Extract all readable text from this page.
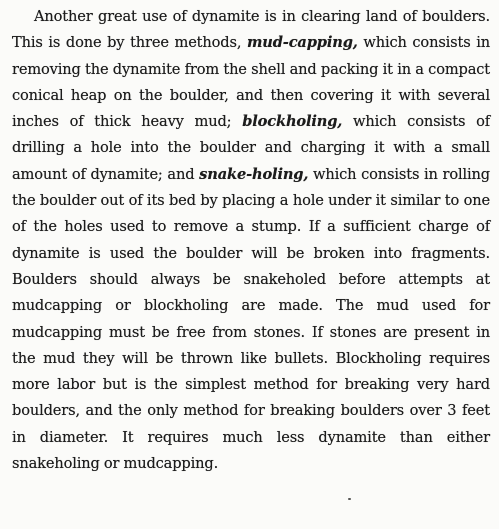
Another great use of dynamite is in clearing land of boulders. This is done by three methods, mud-capping, which consists in removing the dynamite from the shell and packing it in a compact conical heap on the boulder, and then covering it with several inches of thick heavy mud; blockholing, which consists of drilling a hole into the boulder and charging it with a small amount of dynamite; and snake-holing, which consists in rolling the boulder out of its bed by placing a hole under it similar to one of the holes used to remove a stump. If a sufficient charge of dynamite is used the boulder will be broken into fragments. Boulders should always be snakeholed before attempts at mudcapping or blockholing are made. The mud used for mudcapping must be free from stones. If stones are present in the mud they will be thrown like bullets. Blockholing requires more labor but is the simplest method for breaking very hard boulders, and the only method for breaking boulders over 3 feet in diameter. It requires much less dynamite than either snakeholing or mudcapping.
